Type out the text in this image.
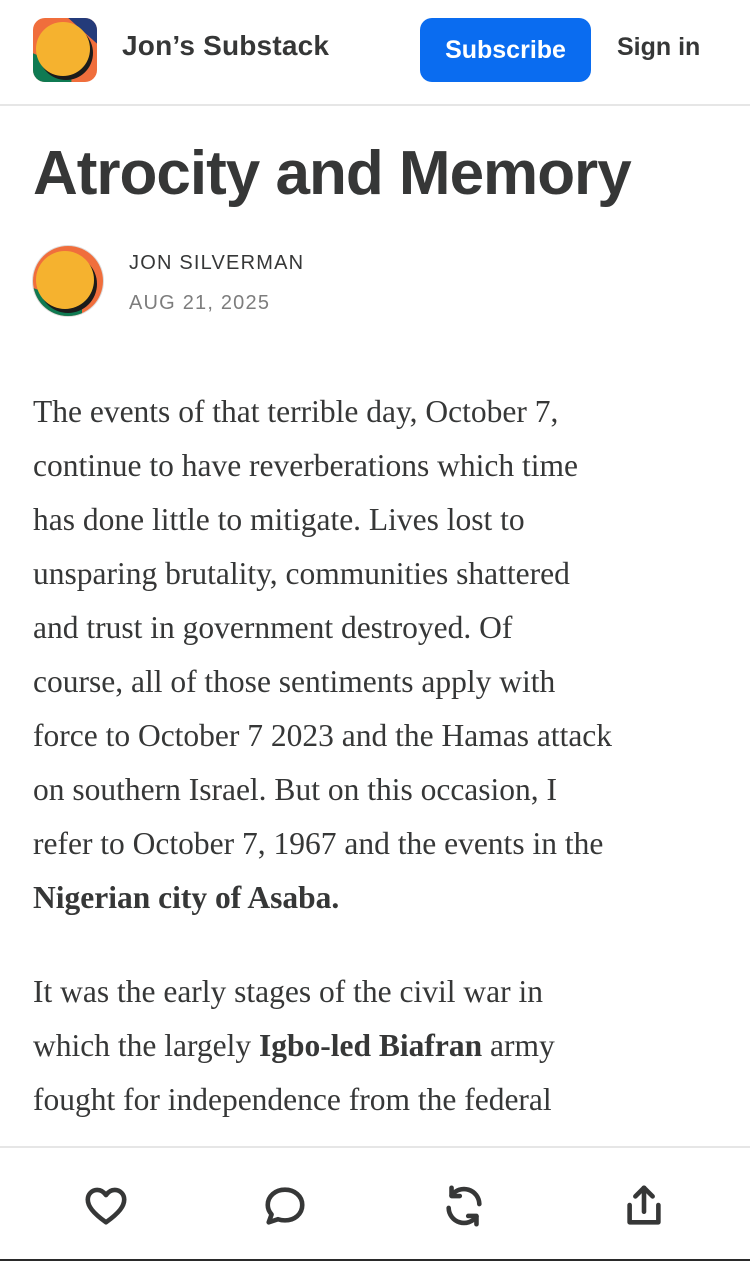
Jon’s Substack	Subscribe	Sign in
Atrocity and Memory
JON SILVERMAN
AUG 21, 2025

The events of that terrible day, October 7,
continue to have reverberations which time
has done little to mitigate. Lives lost to
unsparing brutality, communities shattered
and trust in government destroyed. Of
course, all of those sentiments apply with
force to October 7 2023 and the Hamas attack
on southern Israel. But on this occasion, I
refer to October 7, 1967 and the events in the
Nigerian city of Asaba.

It was the early stages of the civil war in
which the largely Igbo-led Biafran army
fought for independence from the federal
